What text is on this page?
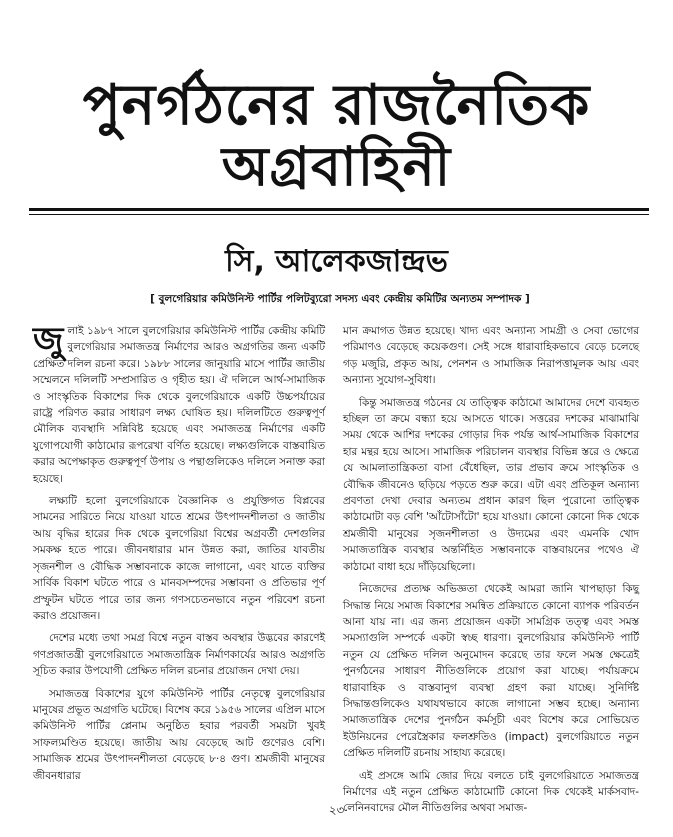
পুনর্গঠনের রাজনৈতিক
অগ্রবাহিনী
সি, আলেকজান্দ্রভ
[ বুলগেরিয়ার কমিউনিস্ট পার্টির পলিটব্যুরো সদস্য এবং কেন্দ্রীয় কমিটির অন্যতম সম্পাদক ]

জুলাই ১৯৮৭ সালে বুলগেরিয়ার কমিউনিস্ট পার্টির কেন্দ্রীয় কমিটি বুলগেরিয়ার সমাজতন্ত্র নির্মাণের আরও অগ্রগতির জন্য একটি প্রেক্ষিত দলিল রচনা করে। ১৯৮৮ সালের জানুয়ারি মাসে পার্টির জাতীয় সম্মেলনে দলিলটি সম্প্রসারিত ও গৃহীত হয়। ঐ দলিলে আর্থ-সামাজিক ও সাংস্কৃতিক বিকাশের দিক থেকে বুলগেরিয়াকে একটি উচ্চপর্যায়ের রাষ্ট্রে পরিণত করার সাধারণ লক্ষ্য ঘোষিত হয়। দলিলটিতে গুরুত্বপূর্ণ মৌলিক ব্যবস্থাদি সন্নিবিষ্ট হয়েছে এবং সমাজতন্ত্র নির্মাণের একটি যুগোপযোগী কাঠামোর রূপরেখা বর্ণিত হয়েছে। লক্ষ্যগুলিকে বাস্তবায়িত করার অপেক্ষাকৃত গুরুত্বপূর্ণ উপায় ও পন্থাগুলিকেও দলিলে সনাক্ত করা হয়েছে।

লক্ষ্যটি হলো বুলগেরিয়াকে বৈজ্ঞানিক ও প্রযুক্তিগত বিপ্লবের সামনের সারিতে নিয়ে যাওয়া যাতে শ্রমের উৎপাদনশীলতা ও জাতীয় আয় বৃদ্ধির হারের দিক থেকে বুলগেরিয়া বিশ্বের অগ্রবর্তী দেশগুলির সমকক্ষ হতে পারে। জীবনধারার মান উন্নত করা, জাতির যাবতীয় সৃজনশীল ও বৌদ্ধিক সম্ভাবনাকে কাজে লাগানো, এবং যাতে ব্যক্তির সার্বিক বিকাশ ঘটতে পারে ও মানবসম্পদের সম্ভাবনা ও প্রতিভার পূর্ণ প্রস্ফুটন ঘটতে পারে তার জন্য গণসচেতনভাবে নতুন পরিবেশ রচনা করাও প্রয়োজন।

দেশের মধ্যে তথা সমগ্র বিশ্বে নতুন বাস্তব অবস্থার উদ্ভবের কারণেই গণপ্রজাতন্ত্রী বুলগেরিয়াতে সমাজতান্ত্রিক নির্মাণকার্যের আরও অগ্রগতি সূচিত করার উপযোগী প্রেক্ষিত দলিল রচনার প্রয়োজন দেখা দেয়।

সমাজতন্ত্র বিকাশের যুগে কমিউনিস্ট পার্টির নেতৃত্বে বুলগেরিয়ার মানুষের প্রভূত অগ্রগতি ঘটেছে। বিশেষ করে ১৯৫৬ সালের এপ্রিল মাসে কমিউনিস্ট পার্টির প্লেনাম অনুষ্ঠিত হবার পরবর্তী সময়টা খুবই সাফল্যমণ্ডিত হয়েছে। জাতীয় আয় বেড়েছে আট গুণেরও বেশি। সামাজিক শ্রমের উৎপাদনশীলতা বেড়েছে ৮·৪ গুণ। শ্রমজীবী মানুষের জীবনধারার

মান ক্রমাগত উন্নত হয়েছে। খাদ্য এবং অন্যান্য সামগ্রী ও সেবা ভোগের পরিমাণও বেড়েছে কয়েকগুণ। সেই সঙ্গে ধারাবাহিকভাবে বেড়ে চলেছে গড় মজুরি, প্রকৃত আয়, পেনশন ও সামাজিক নিরাপত্তামূলক আয় এবং অন্যান্য সুযোগ-সুবিধা।

কিন্তু সমাজতন্ত্র গঠনের যে তাত্ত্বিক কাঠামো আমাদের দেশে ব্যবহৃত হচ্ছিল তা ক্রমে বন্ধ্যা হয়ে আসতে থাকে। সত্তরের দশকের মাঝামাঝি সময় থেকে আশির দশকের গোড়ার দিক পর্যন্ত আর্থ-সামাজিক বিকাশের হার মন্থর হয়ে আসে। সামাজিক পরিচালন ব্যবস্থার বিভিন্ন স্তরে ও ক্ষেত্রে যে আমলাতান্ত্রিকতা বাসা বেঁধেছিল, তার প্রভাব ক্রমে সাংস্কৃতিক ও বৌদ্ধিক জীবনেও ছড়িয়ে পড়তে শুরু করে। এটা এবং প্রতিকূল অন্যান্য প্রবণতা দেখা দেবার অন্যতম প্রধান কারণ ছিল পুরোনো তাত্ত্বিক কাঠামোটা বড় বেশি 'আঁটোসাঁটো' হয়ে যাওয়া। কোনো কোনো দিক থেকে শ্রমজীবী মানুষের সৃজনশীলতা ও উদ্যমের এবং এমনকি খোদ সমাজতান্ত্রিক ব্যবস্থার অন্তর্নিহিত সম্ভাবনাকে বাস্তবায়নের পথেও ঐ কাঠামো বাধা হয়ে দাঁড়িয়েছিলো।

নিজেদের প্রত্যক্ষ অভিজ্ঞতা থেকেই আমরা জানি খাপছাড়া কিছু সিদ্ধান্ত নিয়ে সমাজ বিকাশের সমন্বিত প্রক্রিয়াতে কোনো ব্যাপক পরিবর্তন আনা যায় না। এর জন্য প্রয়োজন একটা সামগ্রিক তত্ত্ব এবং সমস্ত সমস্যাগুলি সম্পর্কে একটা স্বচ্ছ ধারণা। বুলগেরিয়ার কমিউনিস্ট পার্টি নতুন যে প্রেক্ষিত দলিল অনুমোদন করেছে তার ফলে সমস্ত ক্ষেত্রেই পুনর্গঠনের সাধারণ নীতিগুলিকে প্রয়োগ করা যাচ্ছে। পর্যায়ক্রমে ধারাবাহিক ও বাস্তবানুগ ব্যবস্থা গ্রহণ করা যাচ্ছে। সুনির্দিষ্ট সিদ্ধান্তগুলিকেও যথাযথভাবে কাজে লাগানো সম্ভব হচ্ছে। অন্যান্য সমাজতান্ত্রিক দেশের পুনর্গঠন কর্মসূচী এবং বিশেষ করে সোভিয়েত ইউনিয়নের পেরেস্ত্রৈকার ফলশ্রুতিও (impact) বুলগেরিয়াতে নতুন প্রেক্ষিত দলিলটি রচনায় সাহায্য করেছে।

এই প্রসঙ্গে আমি জোর দিয়ে বলতে চাই বুলগেরিয়াতে সমাজতন্ত্র নির্মাণের এই নতুন প্রেক্ষিত কাঠামোটি কোনো দিক থেকেই মার্কসবাদ-লেনিনবাদের মৌল নীতিগুলির অথবা সমাজ-

২৩
